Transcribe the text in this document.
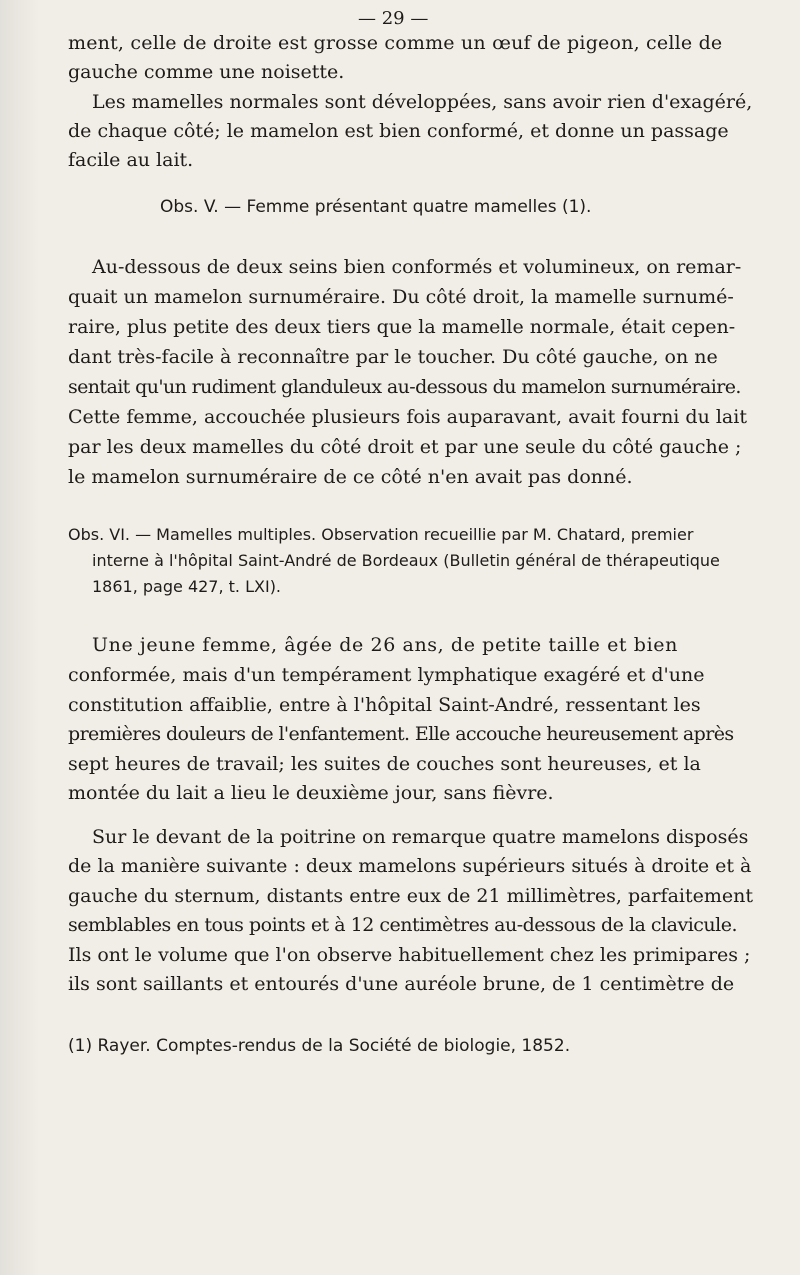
— 29 —
ment, celle de droite est grosse comme un œuf de pigeon, celle de
gauche comme une noisette.
Les mamelles normales sont développées, sans avoir rien d'exagéré,
de chaque côté; le mamelon est bien conformé, et donne un passage
facile au lait.
Obs. V. — Femme présentant quatre mamelles (1).
Au-dessous de deux seins bien conformés et volumineux, on remar-
quait un mamelon surnuméraire. Du côté droit, la mamelle surnumé-
raire, plus petite des deux tiers que la mamelle normale, était cepen-
dant très-facile à reconnaître par le toucher. Du côté gauche, on ne
sentait qu'un rudiment glanduleux au-dessous du mamelon surnuméraire.
Cette femme, accouchée plusieurs fois auparavant, avait fourni du lait
par les deux mamelles du côté droit et par une seule du côté gauche ;
le mamelon surnuméraire de ce côté n'en avait pas donné.
Obs. VI. — Mamelles multiples. Observation recueillie par M. Chatard, premier
interne à l'hôpital Saint-André de Bordeaux (Bulletin général de thérapeutique
1861, page 427, t. LXI).
Une jeune femme, âgée de 26 ans, de petite taille et bien
conformée, mais d'un tempérament lymphatique exagéré et d'une
constitution affaiblie, entre à l'hôpital Saint-André, ressentant les
premières douleurs de l'enfantement. Elle accouche heureusement après
sept heures de travail; les suites de couches sont heureuses, et la
montée du lait a lieu le deuxième jour, sans fièvre.
Sur le devant de la poitrine on remarque quatre mamelons disposés
de la manière suivante : deux mamelons supérieurs situés à droite et à
gauche du sternum, distants entre eux de 21 millimètres, parfaitement
semblables en tous points et à 12 centimètres au-dessous de la clavicule.
Ils ont le volume que l'on observe habituellement chez les primipares ;
ils sont saillants et entourés d'une auréole brune, de 1 centimètre de
(1) Rayer. Comptes-rendus de la Société de biologie, 1852.
